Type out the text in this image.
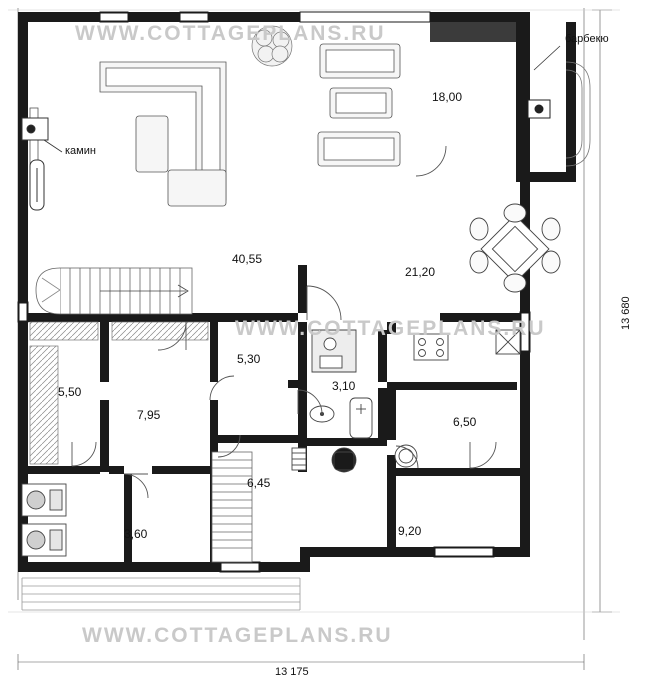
WWW.COTTAGEPLANS.RU
WWW.COTTAGEPLANS.RU
WWW.COTTAGEPLANS.RU
барбекю
камин
18,00
40,55
21,20
5,30
3,10
5,50
6,50
7,95
6,45
9,20
3,60
13 680
13 175
